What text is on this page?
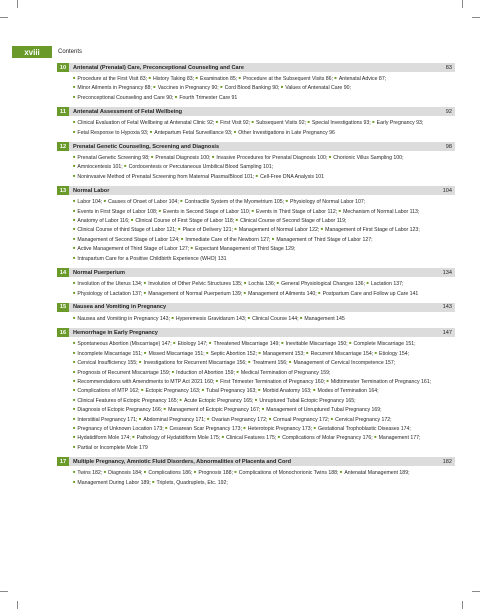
xviii	Contents
10	Antenatal (Prenatal) Care, Preconceptional Counseling and Care	83
■ Procedure at the First Visit 83; ■ History Taking 83; ■ Examination 85; ■ Procedure at the Subsequent Visits 86; ■ Antenatal Advice 87; ■ Minor Ailments in Pregnancy 88; ■ Vaccines in Pregnancy 90; ■ Cord Blood Banking 90; ■ Values of Antenatal Care 90; ■ Preconceptional Counseling and Care 90; ■ Fourth Trimester Care 91
11	Antenatal Assessment of Fetal Wellbeing	92
■ Clinical Evaluation of Fetal Wellbeing at Antenatal Clinic 92; ■ First Visit 92; ■ Subsequent Visits 92; ■ Special Investigations 93; ■ Early Pregnancy 93; ■ Fetal Response to Hypoxia 93; ■ Antepartum Fetal Surveillance 93; ■ Other Investigations in Late Pregnancy 96
12	Prenatal Genetic Counseling, Screening and Diagnosis	98
■ Prenatal Genetic Screening 98; ■ Prenatal Diagnosis 100; ■ Invasive Procedures for Prenatal Diagnosis 100; ■ Chorionic Villus Sampling 100; ■ Amniocentesis 101; ■ Cordocentesis or Percutaneous Umbilical Blood Sampling 101; ■ Noninvasive Method of Prenatal Screening from Maternal Plasma/Blood 101; ■ Cell-Free DNA Analysis 101
13	Normal Labor	104
■ Labor 104; ■ Causes of Onset of Labor 104; ■ Contractile System of the Myometrium 105; ■ Physiology of Normal Labor 107; ■ Events in First Stage of Labor 108; ■ Events in Second Stage of Labor 110; ■ Events in Third Stage of Labor 112; ■ Mechanism of Normal Labor 113; ■ Anatomy of Labor 116; ■ Clinical Course of First Stage of Labor 118; ■ Clinical Course of Second Stage of Labor 119; ■ Clinical Course of third Stage of Labor 121; ■ Place of Delivery 121; ■ Management of Normal Labor 122; ■ Management of First Stage of Labor 123; ■ Management of Second Stage of Labor 124; ■ Immediate Care of the Newborn 127; ■ Management of Third Stage of Labor 127; ■ Active Management of Third Stage of Labor 127; ■ Expectant Management of Third Stage 129; ■ Intrapartum Care for a Positive Childbirth Experience (WHO) 131
14	Normal Puerperium	134
■ Involution of the Uterus 134; ■ Involution of Other Pelvic Structures 135; ■ Lochia 136; ■ General Physiological Changes 136; ■ Lactation 137; ■ Physiology of Lactation 137; ■ Management of Normal Puerperium 139; ■ Management of Ailments 140; ■ Postpartum Care and Follow up Care 141
15	Nausea and Vomiting in Pregnancy	143
■ Nausea and Vomiting in Pregnancy 143; ■ Hyperemesis Gravidarum 143; ■ Clinical Course 144; ■ Management 145
16	Hemorrhage in Early Pregnancy	147
■ Spontaneous Abortion (Miscarriage) 147; ■ Etiology 147; ■ Threatened Miscarriage 149; ■ Inevitable Miscarriage 150; ■ Complete Miscarriage 151; ■ Incomplete Miscarriage 151; ■ Missed Miscarriage 151; ■ Septic Abortion 152; ■ Management 153; ■ Recurrent Miscarriage 154; ■ Etiology 154; ■ Cervical Insufficiency 155; ■ Investigations for Recurrent Miscarriage 156; ■ Treatment 156; ■ Management of Cervical Incompetence 157; ■ Prognosis of Recurrent Miscarriage 159; ■ Induction of Abortion 159; ■ Medical Termination of Pregnancy 159; ■ Recommendations with Amendments to MTP Act 2021 160; ■ First Trimester Termination of Pregnancy 160; ■ Midtrimester Termination of Pregnancy 161; ■ Complications of MTP 162; ■ Ectopic Pregnancy 163; ■ Tubal Pregnancy 163; ■ Morbid Anatomy 163; ■ Modes of Termination 164; ■ Clinical Features of Ectopic Pregnancy 165; ■ Acute Ectopic Pregnancy 165; ■ Unruptured Tubal Ectopic Pregnancy 165; ■ Diagnosis of Ectopic Pregnancy 166; ■ Management of Ectopic Pregnancy 167; ■ Management of Unruptured Tubal Pregnancy 169; ■ Interstitial Pregnancy 171; ■ Abdominal Pregnancy 171; ■ Ovarian Pregnancy 172; ■ Cornual Pregnancy 172; ■ Cervical Pregnancy 172; ■ Pregnancy of Unknown Location 173; ■ Cesarean Scar Pregnancy 173; ■ Heterotopic Pregnancy 173; ■ Gestational Trophoblastic Diseases 174; ■ Hydatidiform Mole 174; ■ Pathology of Hydatidiform Mole 175; ■ Clinical Features 175; ■ Complications of Molar Pregnancy 176; ■ Management 177; ■ Partial or Incomplete Mole 179
17	Multiple Pregnancy, Amniotic Fluid Disorders, Abnormalities of Placenta and Cord	182
■ Twins 182; ■ Diagnosis 184; ■ Complications 186; ■ Prognosis 188; ■ Complications of Monochorionic Twins 188; ■ Antenatal Management 189; ■ Management During Labor 189; ■ Triplets, Quadruplets, Etc. 192;
